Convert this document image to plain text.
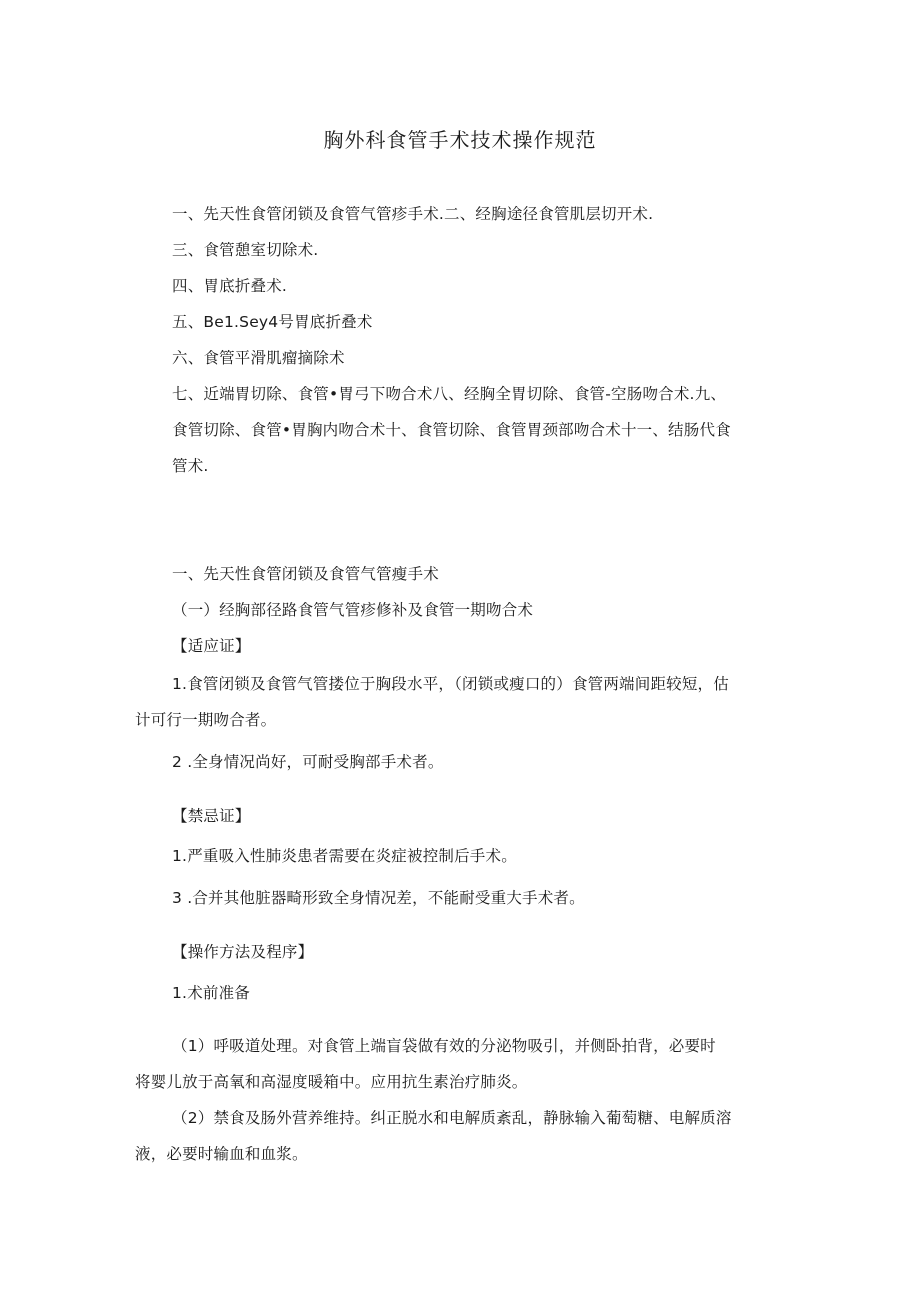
胸外科食管手术技术操作规范
一、先天性食管闭锁及食管气管疹手术.二、经胸途径食管肌层切开术.
三、食管憩室切除术.
四、胃底折叠术.
五、Be1.Sey4号胃底折叠术
六、食管平滑肌瘤摘除术
七、近端胃切除、食管•胃弓下吻合术八、经胸全胃切除、食管-空肠吻合术.九、
食管切除、食管•胃胸内吻合术十、食管切除、食管胃颈部吻合术十一、结肠代食
管术.
一、先天性食管闭锁及食管气管瘦手术
（一）经胸部径路食管气管疹修补及食管一期吻合术
【适应证】
1.食管闭锁及食管气管搂位于胸段水平，（闭锁或瘦口的）食管两端间距较短，估
计可行一期吻合者。
2 .全身情况尚好，可耐受胸部手术者。
【禁忌证】
1.严重吸入性肺炎患者需要在炎症被控制后手术。
3 .合并其他脏器畸形致全身情况差，不能耐受重大手术者。
【操作方法及程序】
1.术前准备
（1）呼吸道处理。对食管上端盲袋做有效的分泌物吸引，并侧卧拍背，必要时
将婴儿放于高氧和高湿度暖箱中。应用抗生素治疗肺炎。
（2）禁食及肠外营养维持。纠正脱水和电解质紊乱，静脉输入葡萄糖、电解质溶
液，必要时输血和血浆。
